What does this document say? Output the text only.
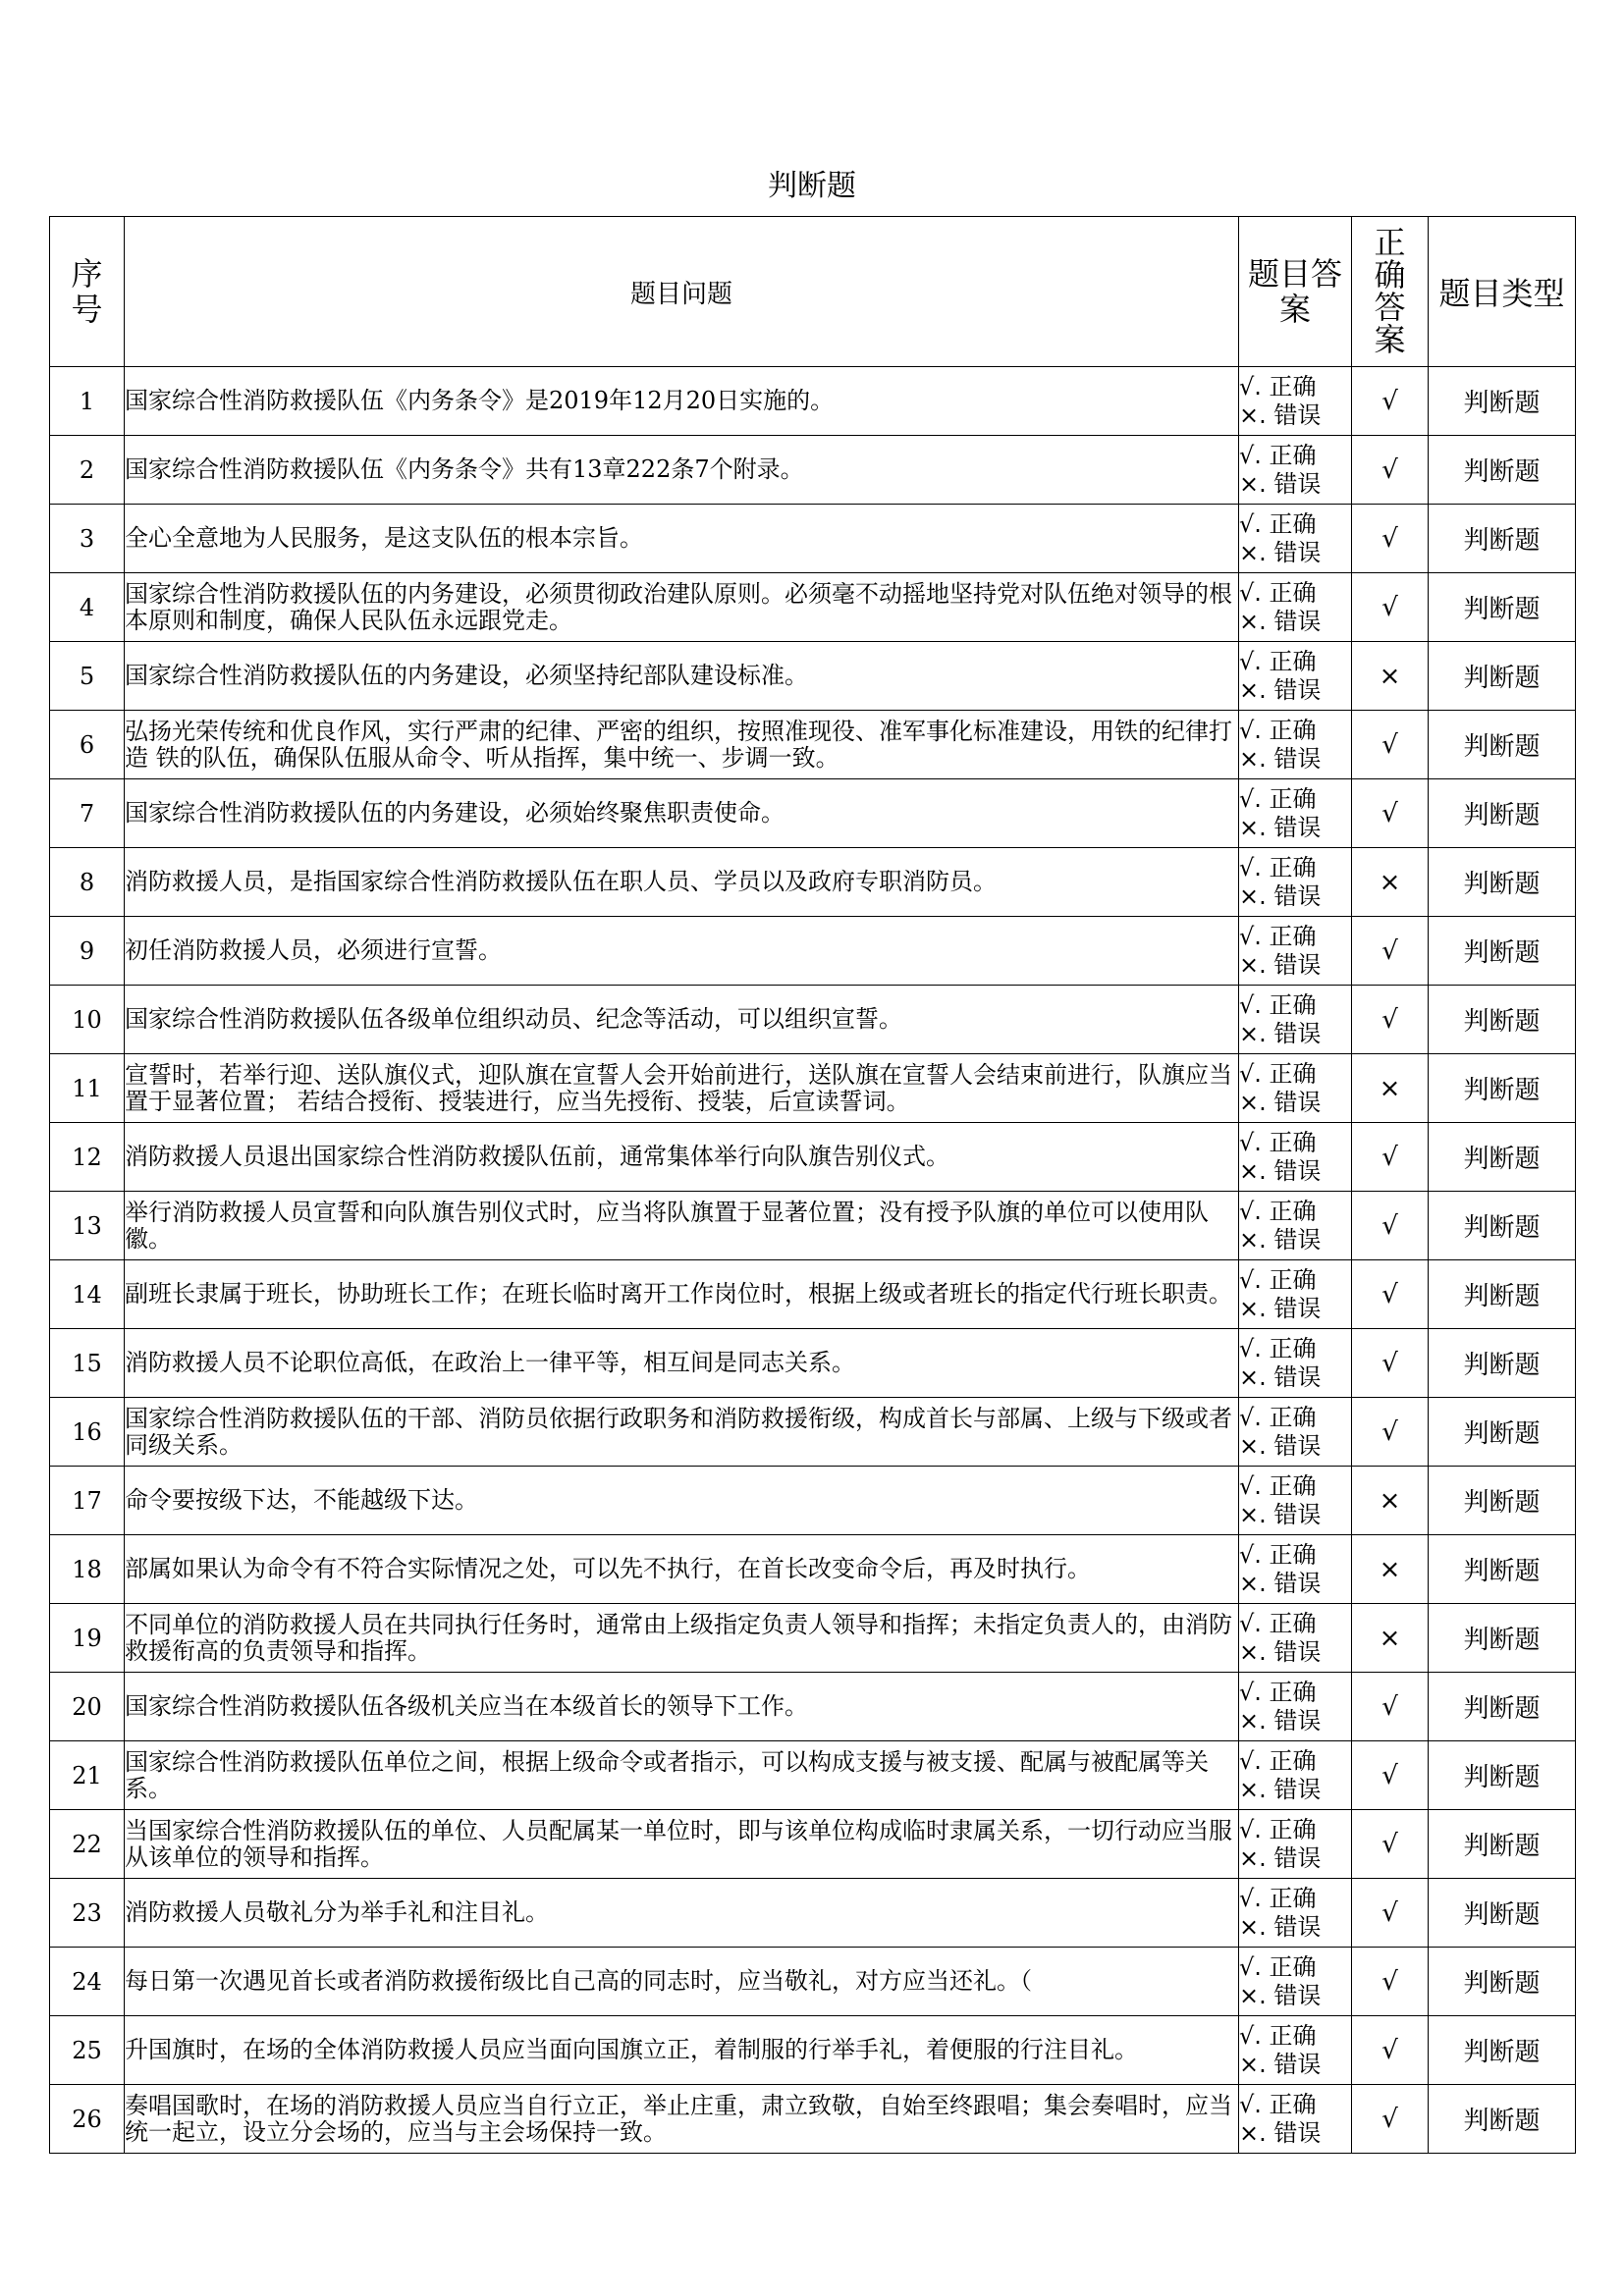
判断题
序号	题目问题	题目答案	正确答案	题目类型

1	国家综合性消防救援队伍《内务条令》是2019年12月20日实施的。	√. 正确
×. 错误	√	判断题
2	国家综合性消防救援队伍《内务条令》共有13章222条7个附录。	√. 正确
×. 错误	√	判断题
3	全心全意地为人民服务，是这支队伍的根本宗旨。	√. 正确
×. 错误	√	判断题
4	国家综合性消防救援队伍的内务建设，必须贯彻政治建队原则。必须毫不动摇地坚持党对队伍绝对领导的根本原则和制度，确保人民队伍永远跟党走。	√. 正确
×. 错误	√	判断题
5	国家综合性消防救援队伍的内务建设，必须坚持纪部队建设标准。	√. 正确
×. 错误	×	判断题
6	弘扬光荣传统和优良作风，实行严肃的纪律、严密的组织，按照准现役、准军事化标准建设，用铁的纪律打造 铁的队伍，确保队伍服从命令、听从指挥，集中统一、步调一致。	√. 正确
×. 错误	√	判断题
7	国家综合性消防救援队伍的内务建设，必须始终聚焦职责使命。	√. 正确
×. 错误	√	判断题
8	消防救援人员，是指国家综合性消防救援队伍在职人员、学员以及政府专职消防员。	√. 正确
×. 错误	×	判断题
9	初任消防救援人员，必须进行宣誓。	√. 正确
×. 错误	√	判断题
10	国家综合性消防救援队伍各级单位组织动员、纪念等活动，可以组织宣誓。	√. 正确
×. 错误	√	判断题
11	宣誓时，若举行迎、送队旗仪式，迎队旗在宣誓人会开始前进行，送队旗在宣誓人会结束前进行，队旗应当置于显著位置； 若结合授衔、授装进行，应当先授衔、授装，后宣读誓词。	√. 正确
×. 错误	×	判断题
12	消防救援人员退出国家综合性消防救援队伍前，通常集体举行向队旗告别仪式。	√. 正确
×. 错误	√	判断题
13	举行消防救援人员宣誓和向队旗告别仪式时，应当将队旗置于显著位置；没有授予队旗的单位可以使用队徽。	√. 正确
×. 错误	√	判断题
14	副班长隶属于班长，协助班长工作；在班长临时离开工作岗位时，根据上级或者班长的指定代行班长职责。	√. 正确
×. 错误	√	判断题
15	消防救援人员不论职位高低，在政治上一律平等，相互间是同志关系。	√. 正确
×. 错误	√	判断题
16	国家综合性消防救援队伍的干部、消防员依据行政职务和消防救援衔级，构成首长与部属、上级与下级或者同级关系。	√. 正确
×. 错误	√	判断题
17	命令要按级下达，不能越级下达。	√. 正确
×. 错误	×	判断题
18	部属如果认为命令有不符合实际情况之处，可以先不执行，在首长改变命令后，再及时执行。	√. 正确
×. 错误	×	判断题
19	不同单位的消防救援人员在共同执行任务时，通常由上级指定负责人领导和指挥；未指定负责人的，由消防救援衔高的负责领导和指挥。	√. 正确
×. 错误	×	判断题
20	国家综合性消防救援队伍各级机关应当在本级首长的领导下工作。	√. 正确
×. 错误	√	判断题
21	国家综合性消防救援队伍单位之间，根据上级命令或者指示，可以构成支援与被支援、配属与被配属等关系。	√. 正确
×. 错误	√	判断题
22	当国家综合性消防救援队伍的单位、人员配属某一单位时，即与该单位构成临时隶属关系，一切行动应当服从该单位的领导和指挥。	√. 正确
×. 错误	√	判断题
23	消防救援人员敬礼分为举手礼和注目礼。	√. 正确
×. 错误	√	判断题
24	每日第一次遇见首长或者消防救援衔级比自己高的同志时，应当敬礼，对方应当还礼。（	√. 正确
×. 错误	√	判断题
25	升国旗时，在场的全体消防救援人员应当面向国旗立正，着制服的行举手礼，着便服的行注目礼。	√. 正确
×. 错误	√	判断题
26	奏唱国歌时，在场的消防救援人员应当自行立正，举止庄重，肃立致敬，自始至终跟唱；集会奏唱时，应当统一起立，设立分会场的，应当与主会场保持一致。	√. 正确
×. 错误	√	判断题
